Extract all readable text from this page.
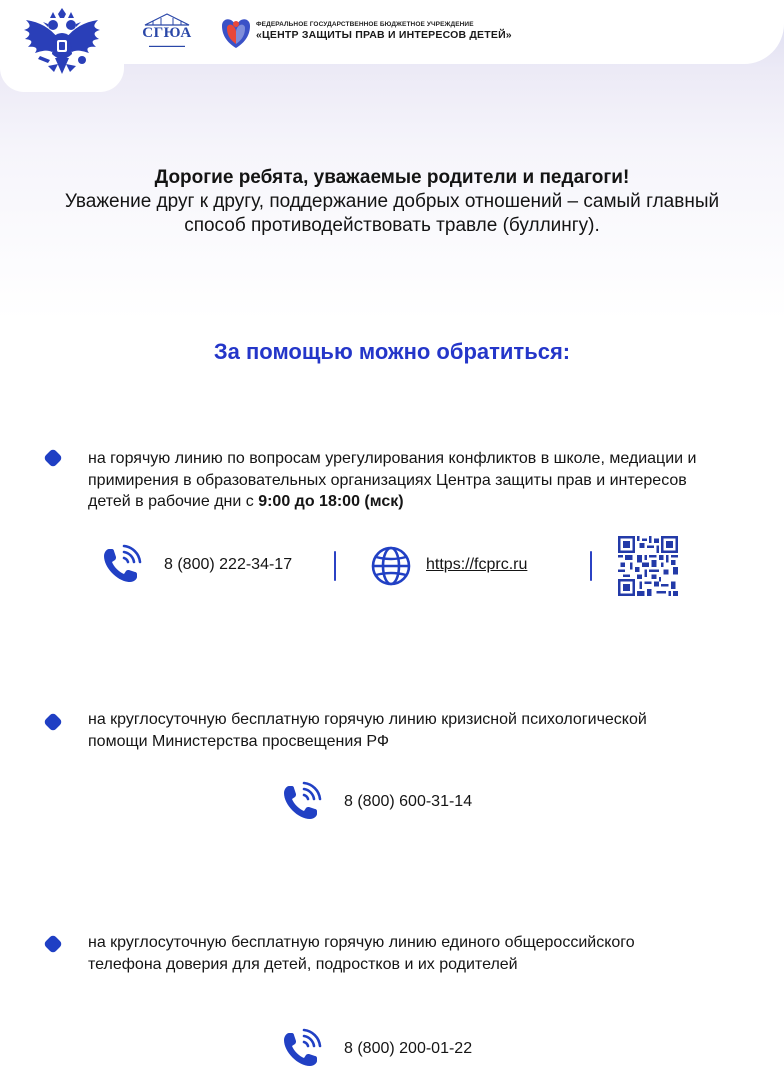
СГЮА
▬▬▬▬▬▬▬▬▬
ФЕДЕРАЛЬНОЕ ГОСУДАРСТВЕННОЕ БЮДЖЕТНОЕ УЧРЕЖДЕНИЕ
«ЦЕНТР ЗАЩИТЫ ПРАВ И ИНТЕРЕСОВ ДЕТЕЙ»
Дорогие ребята, уважаемые родители и педагоги!
Уважение друг к другу, поддержание добрых отношений – самый главный способ противодействовать травле (буллингу).
За помощью можно обратиться:
на горячую линию по вопросам урегулирования конфликтов в школе, медиации и примирения в образовательных организациях Центра защиты прав и интересов детей в рабочие дни с 9:00 до 18:00 (мск)
8 (800) 222-34-17	https://fcprc.ru
на круглосуточную бесплатную горячую линию кризисной психологической помощи Министерства просвещения РФ
8 (800) 600-31-14
на круглосуточную бесплатную горячую линию единого общероссийского телефона доверия для детей, подростков и их родителей
8 (800) 200-01-22
